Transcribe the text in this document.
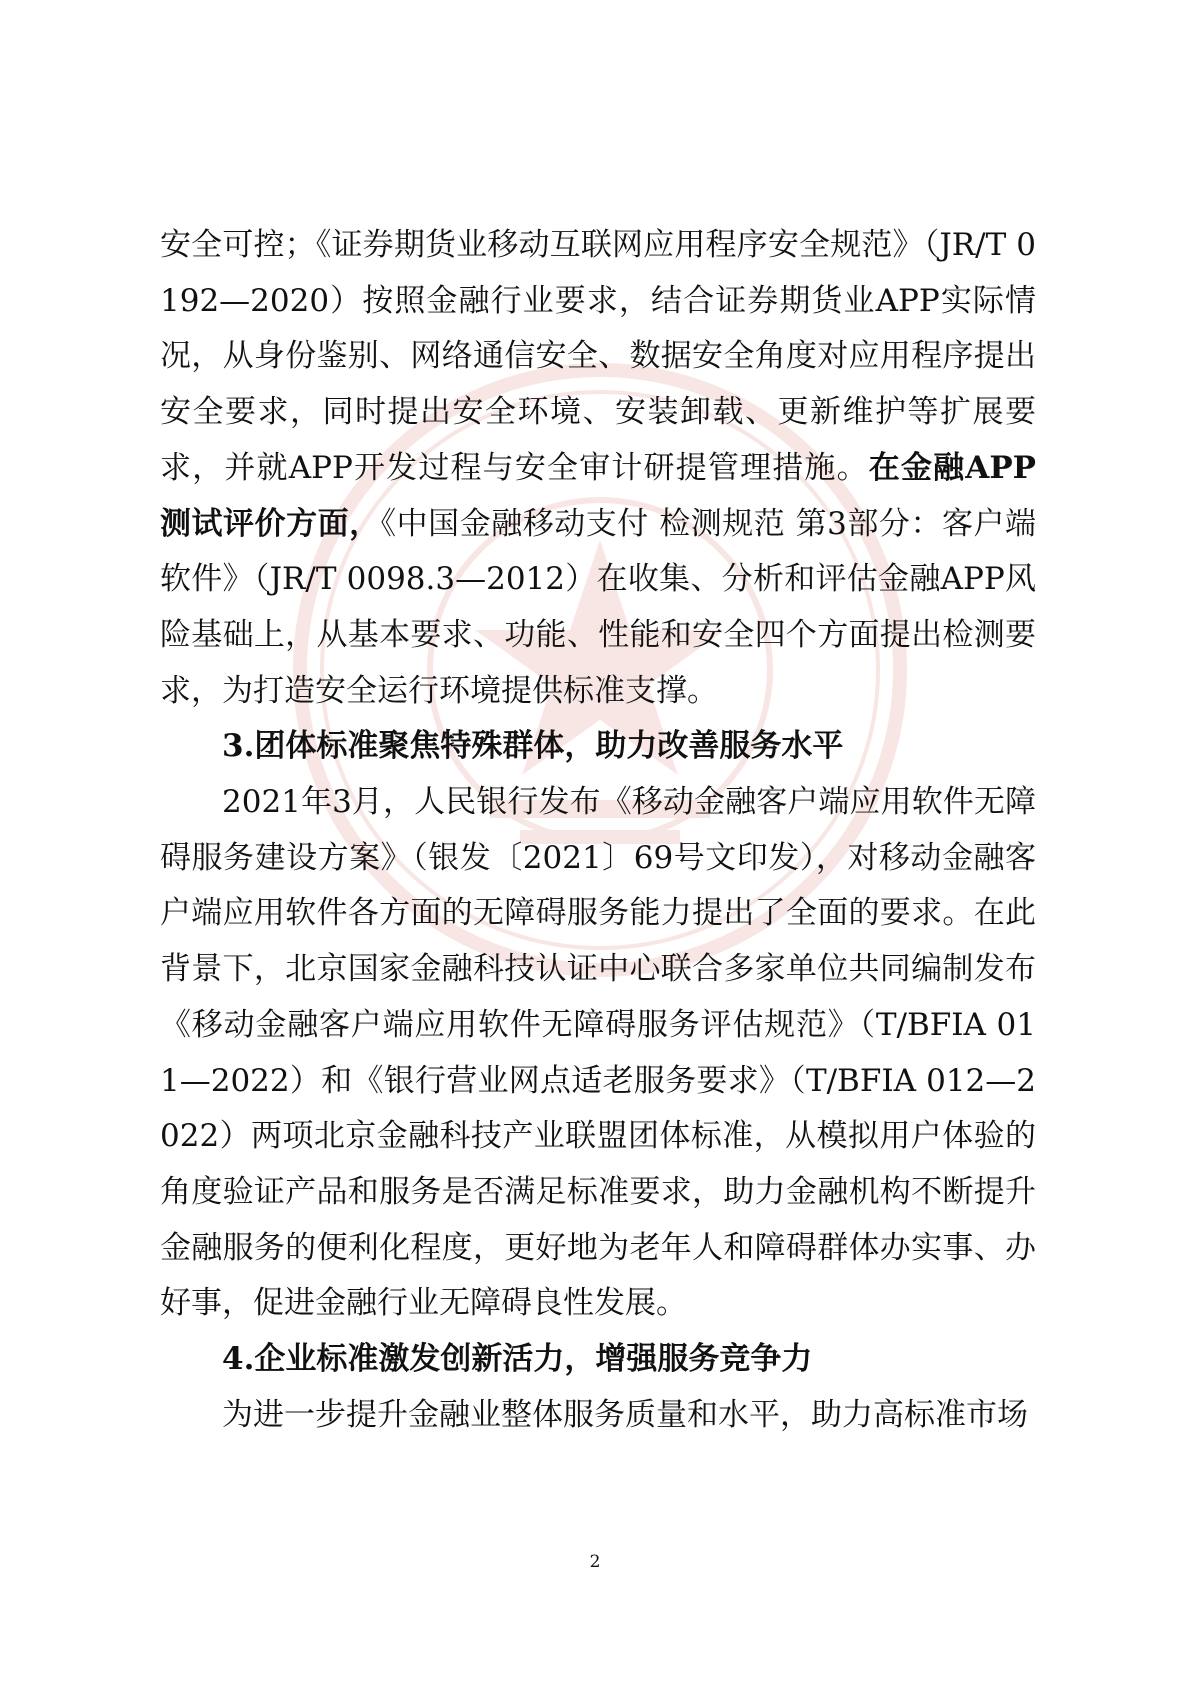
安全可控；《证券期货业移动互联网应用程序安全规范》（JR/T 0192—2020）按照金融行业要求，结合证券期货业APP实际情况，从身份鉴别、网络通信安全、数据安全角度对应用程序提出安全要求，同时提出安全环境、安装卸载、更新维护等扩展要求，并就APP开发过程与安全审计研提管理措施。在金融APP测试评价方面，《中国金融移动支付 检测规范 第3部分：客户端软件》（JR/T 0098.3—2012）在收集、分析和评估金融APP风险基础上，从基本要求、功能、性能和安全四个方面提出检测要求，为打造安全运行环境提供标准支撑。

3.团体标准聚焦特殊群体，助力改善服务水平

2021年3月，人民银行发布《移动金融客户端应用软件无障碍服务建设方案》（银发〔2021〕69号文印发），对移动金融客户端应用软件各方面的无障碍服务能力提出了全面的要求。在此背景下，北京国家金融科技认证中心联合多家单位共同编制发布《移动金融客户端应用软件无障碍服务评估规范》（T/BFIA 011—2022）和《银行营业网点适老服务要求》（T/BFIA 012—2022）两项北京金融科技产业联盟团体标准，从模拟用户体验的角度验证产品和服务是否满足标准要求，助力金融机构不断提升金融服务的便利化程度，更好地为老年人和障碍群体办实事、办好事，促进金融行业无障碍良性发展。

4.企业标准激发创新活力，增强服务竞争力

为进一步提升金融业整体服务质量和水平，助力高标准市场

2
